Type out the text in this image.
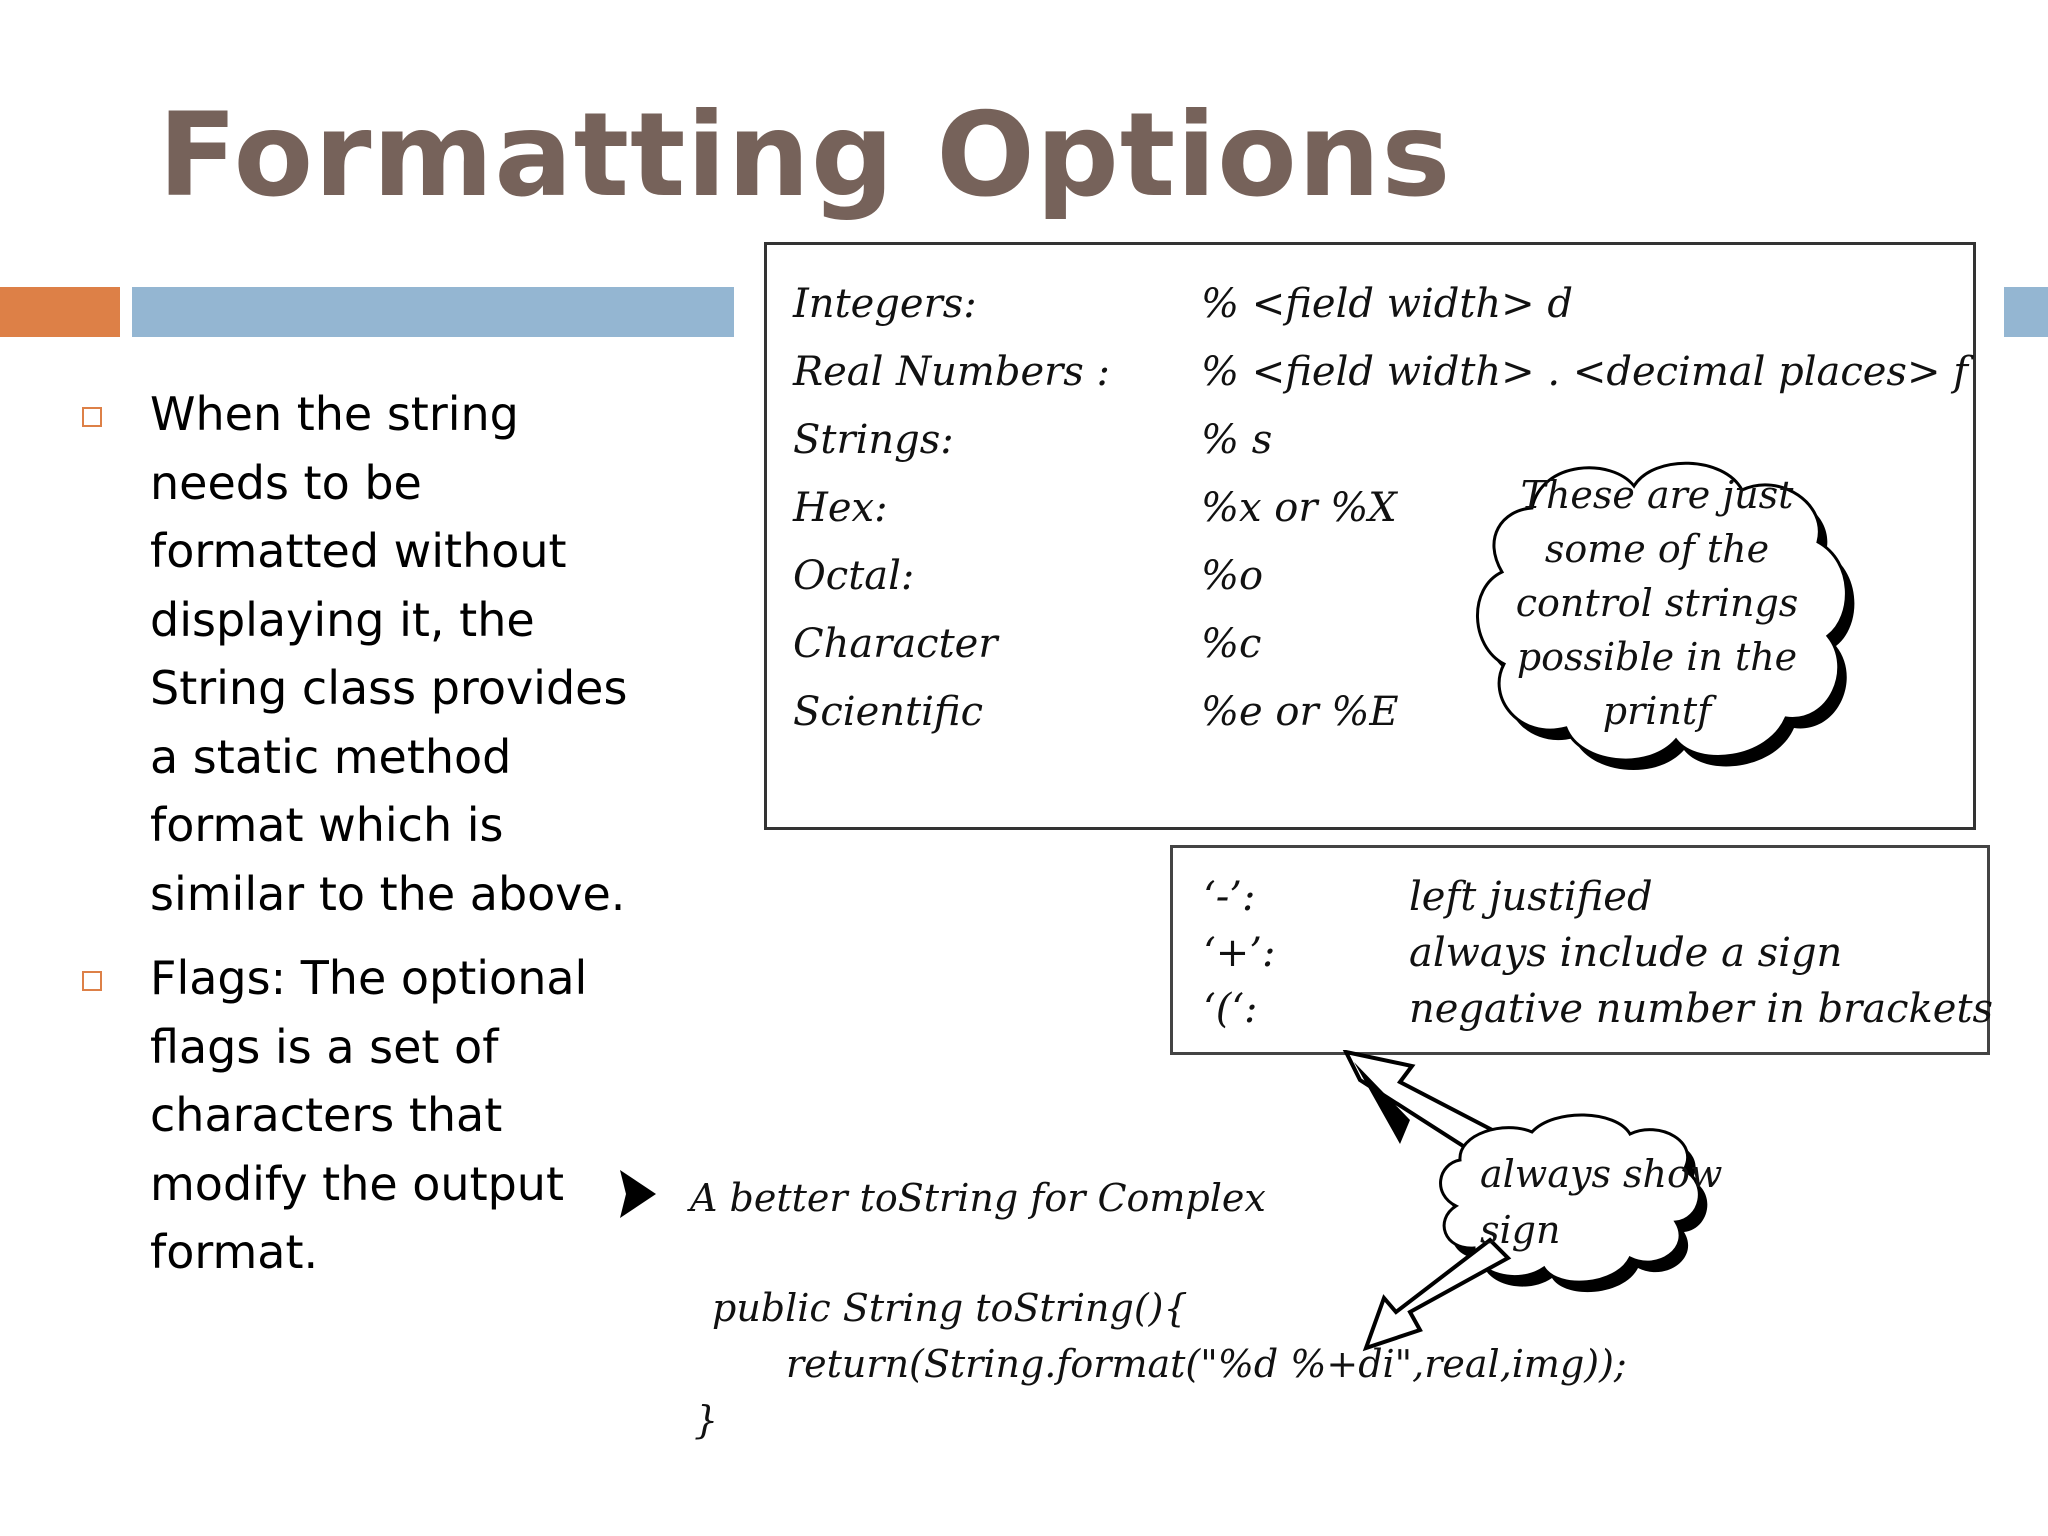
Formatting Options
When the string needs to be formatted without displaying it, the String class provides a static method format which is similar to the above.
Flags: The optional flags is a set of characters that modify the output format.
Integers:	% <field width> d
Real Numbers : % <field width> . <decimal places> f
Strings:	% s
Hex:	%x or %X
Octal:	%o
Character	%c
Scientific	%e or %E
These are just
some of the
control strings
possible in the
printf
‘-’:	left justified
‘+’:	always include a sign
‘(‘:	negative number in brackets
always show
sign
A better toString for Complex
public String toString(){
return(String.format("%d %+di",real,img));
}
